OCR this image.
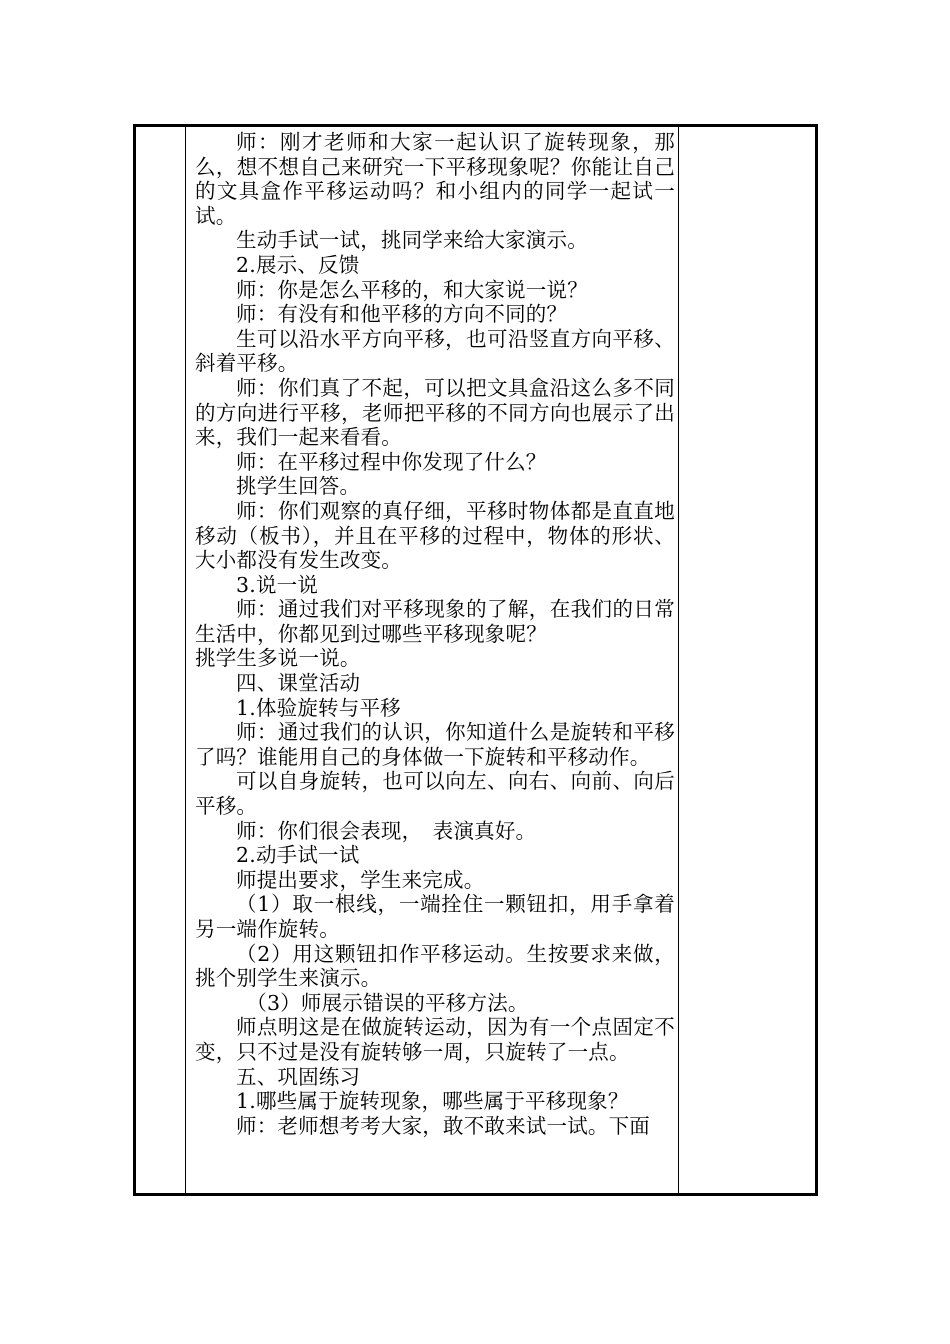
师：刚才老师和大家一起认识了旋转现象，那么，想不想自己来研究一下平移现象呢？你能让自己的文具盒作平移运动吗？和小组内的同学一起试一试。

生动手试一试，挑同学来给大家演示。

2.展示、反馈

师：你是怎么平移的，和大家说一说？

师：有没有和他平移的方向不同的？

生可以沿水平方向平移，也可沿竖直方向平移、斜着平移。

师：你们真了不起，可以把文具盒沿这么多不同的方向进行平移，老师把平移的不同方向也展示了出来，我们一起来看看。

师：在平移过程中你发现了什么？

挑学生回答。

师：你们观察的真仔细，平移时物体都是直直地移动（板书），并且在平移的过程中，物体的形状、大小都没有发生改变。

3.说一说

师：通过我们对平移现象的了解，在我们的日常生活中，你都见到过哪些平移现象呢？

挑学生多说一说。

四、课堂活动

1.体验旋转与平移

师：通过我们的认识，你知道什么是旋转和平移了吗？谁能用自己的身体做一下旋转和平移动作。

可以自身旋转，也可以向左、向右、向前、向后平移。

师：你们很会表现，　表演真好。

2.动手试一试

师提出要求，学生来完成。

（1）取一根线，一端拴住一颗钮扣，用手拿着另一端作旋转。

（2）用这颗钮扣作平移运动。生按要求来做，挑个别学生来演示。

（3）师展示错误的平移方法。

师点明这是在做旋转运动，因为有一个点固定不变，只不过是没有旋转够一周，只旋转了一点。

五、巩固练习

1.哪些属于旋转现象，哪些属于平移现象？

师：老师想考考大家，敢不敢来试一试。下面
